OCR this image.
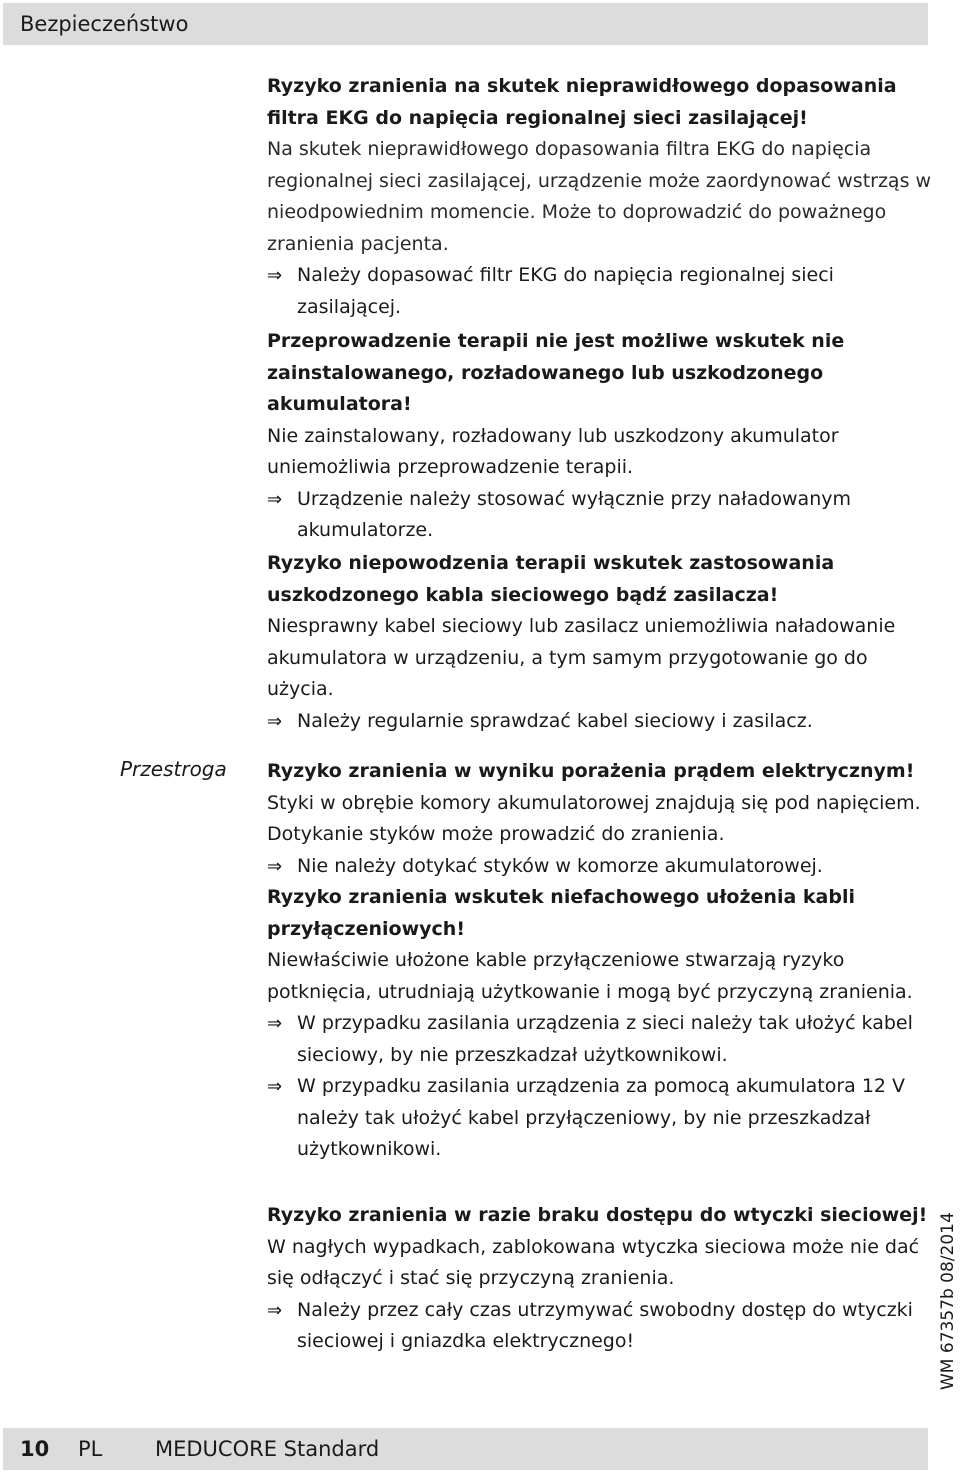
Bezpieczeństwo

Ryzyko zranienia na skutek nieprawidłowego dopasowania filtra EKG do napięcia regionalnej sieci zasilającej!

Na skutek nieprawidłowego dopasowania filtra EKG do napięcia regionalnej sieci zasilającej, urządzenie może zaordynować wstrząs w nieodpowiednim momencie. Może to doprowadzić do poważnego zranienia pacjenta.

⇒ Należy dopasować filtr EKG do napięcia regionalnej sieci zasilającej.

Przeprowadzenie terapii nie jest możliwe wskutek nie zainstalowanego, rozładowanego lub uszkodzonego akumulatora!

Nie zainstalowany, rozładowany lub uszkodzony akumulator uniemożliwia przeprowadzenie terapii.

⇒ Urządzenie należy stosować wyłącznie przy naładowanym akumulatorze.

Ryzyko niepowodzenia terapii wskutek zastosowania uszkodzonego kabla sieciowego bądź zasilacza!

Niesprawny kabel sieciowy lub zasilacz uniemożliwia naładowanie akumulatora w urządzeniu, a tym samym przygotowanie go do użycia.

⇒ Należy regularnie sprawdzać kabel sieciowy i zasilacz.
Przestroga Ryzyko zranienia w wyniku porażenia prądem elektrycznym!

Styki w obrębie komory akumulatorowej znajdują się pod napięciem. Dotykanie styków może prowadzić do zranienia.

⇒ Nie należy dotykać styków w komorze akumulatorowej.

Ryzyko zranienia wskutek niefachowego ułożenia kabli przyłączeniowych!

Niewłaściwie ułożone kable przyłączeniowe stwarzają ryzyko potknięcia, utrudniają użytkowanie i mogą być przyczyną zranienia.

⇒ W przypadku zasilania urządzenia z sieci należy tak ułożyć kabel sieciowy, by nie przeszkadzał użytkownikowi.
⇒ W przypadku zasilania urządzenia za pomocą akumulatora 12 V należy tak ułożyć kabel przyłączeniowy, by nie przeszkadzał użytkownikowi.

Ryzyko zranienia w razie braku dostępu do wtyczki sieciowej!

W nagłych wypadkach, zablokowana wtyczka sieciowa może nie dać się odłączyć i stać się przyczyną zranienia.

⇒ Należy przez cały czas utrzymywać swobodny dostęp do wtyczki sieciowej i gniazdka elektrycznego!	WM 67357b 08/2014
10	PL	MEDUCORE Standard
